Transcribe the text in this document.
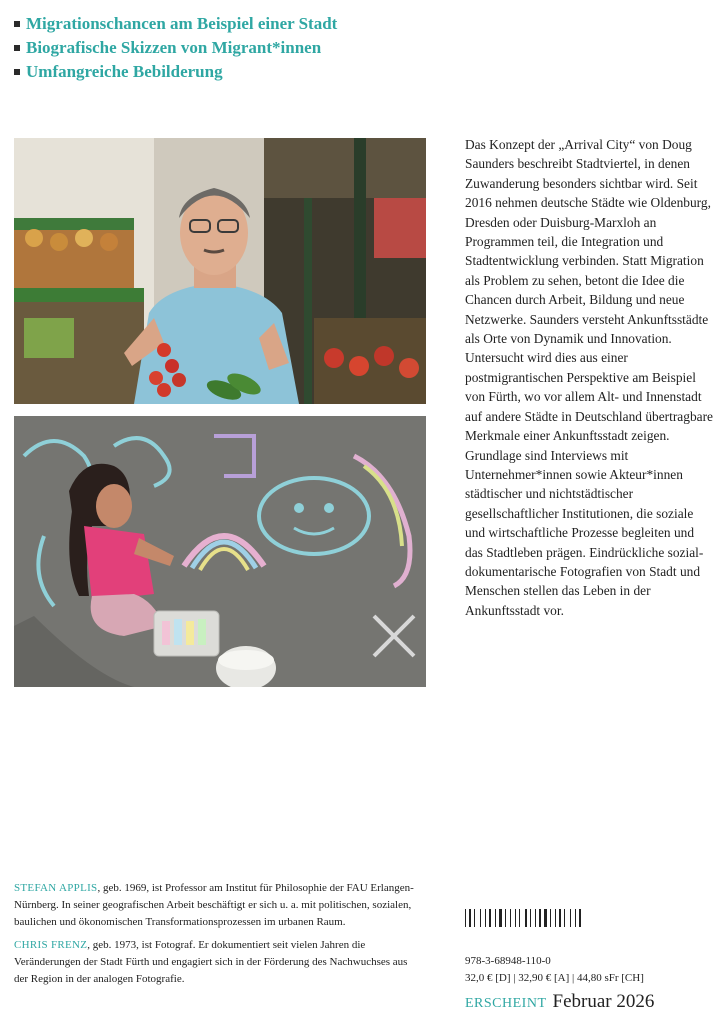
Migrationschancen am Beispiel einer Stadt
Biografische Skizzen von Migrant*innen
Umfangreiche Bebilderung
Das Konzept der „Arrival City“ von Doug Saunders beschreibt Stadtviertel, in denen Zuwanderung besonders sichtbar wird. Seit 2016 nehmen deutsche Städte wie Oldenburg, Dresden oder Duisburg-Marxloh an Programmen teil, die Integration und Stadtentwicklung verbinden. Statt Migration als Problem zu sehen, betont die Idee die Chancen durch Arbeit, Bildung und neue Netzwerke. Saunders versteht Ankunftsstädte als Orte von Dynamik und Innovation. Untersucht wird dies aus einer postmigrantischen Perspektive am Beispiel von Fürth, wo vor allem Alt- und Innenstadt auf andere Städte in Deutschland übertragbare Merkmale einer Ankunftsstadt zeigen. Grundlage sind Interviews mit Unternehmer*innen sowie Akteur*innen städtischer und nichtstädtischer gesellschaftlicher Institutionen, die soziale und wirtschaftliche Prozesse begleiten und das Stadtleben prägen. Eindrückliche sozial-dokumentarische Fotografien von Stadt und Menschen stellen das Leben in der Ankunftsstadt vor.

STEFAN APPLIS, geb. 1969, ist Professor am Institut für Philosophie der FAU Erlangen-Nürnberg. In seiner geografischen Arbeit beschäftigt er sich u. a. mit politischen, sozialen, baulichen und ökonomischen Transformationsprozessen im urbanen Raum.

CHRIS FRENZ, geb. 1973, ist Fotograf. Er dokumentiert seit vielen Jahren die Veränderungen der Stadt Fürth und engagiert sich in der Förderung des Nachwuchses aus der Region in der analogen Fotografie.

978-3-68948-110-0
32,0 € [D] | 32,90 € [A] | 44,80 sFr [CH]
ERSCHEINT Februar 2026
